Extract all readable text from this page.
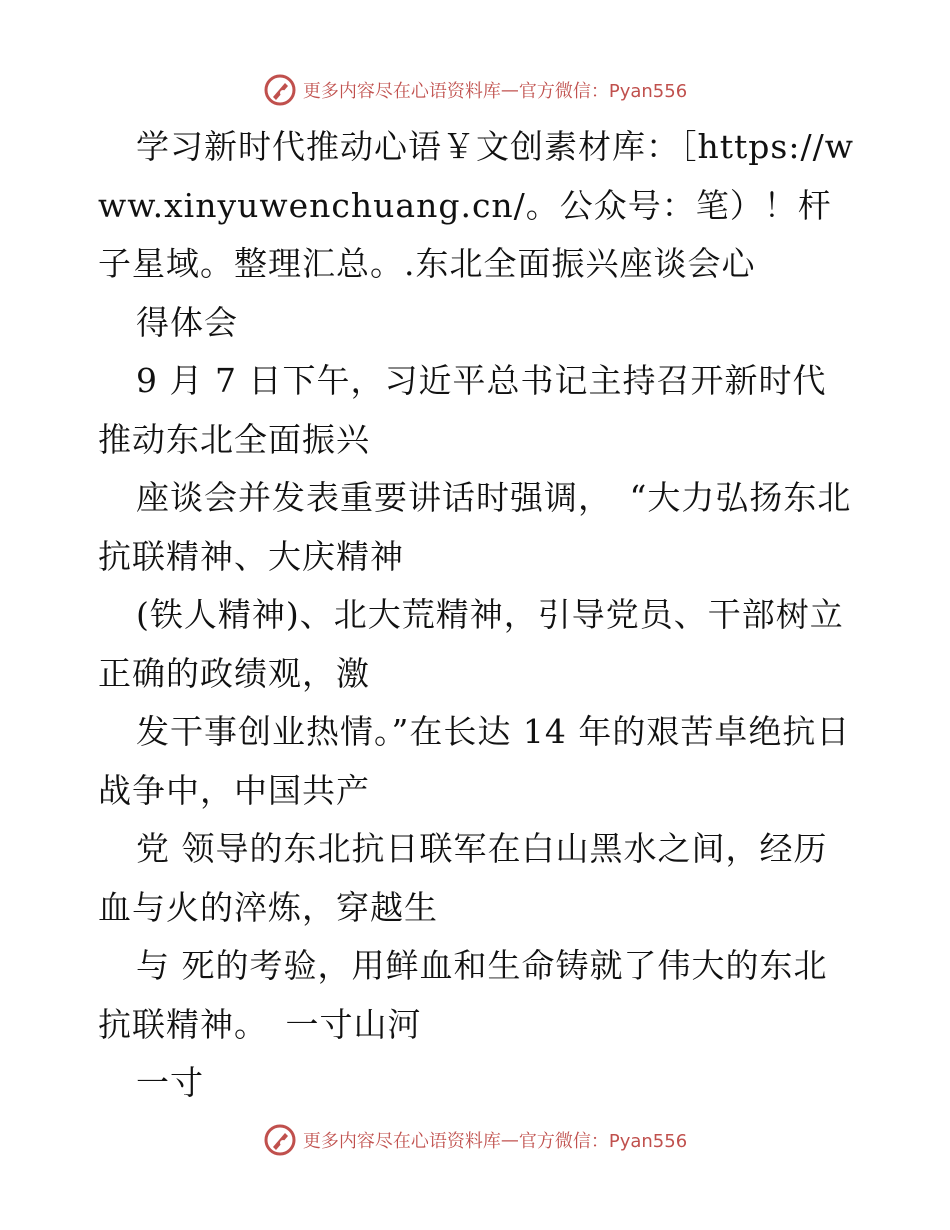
更多内容尽在心语资料库 — 官方微信：Pyan556

学习新时代推动心语￥文创素材库：［https://www.xinyuwenchuang.cn/。公众号：笔）！杆子星域。整理汇总。.东北全面振兴座谈会心

得体会

9 月 7 日下午，习近平总书记主持召开新时代推动东北全面振兴

座谈会并发表重要讲话时强调，　“大力弘扬东北抗联精神、大庆精神

(铁人精神)、北大荒精神，引导党员、干部树立正确的政绩观，激

发干事创业热情。”在长达 14 年的艰苦卓绝抗日战争中，中国共产

党 领导的东北抗日联军在白山黑水之间，经历血与火的淬炼，穿越生

与 死的考验，用鲜血和生命铸就了伟大的东北抗联精神。　一寸山河

一寸

更多内容尽在心语资料库 — 官方微信：Pyan556
